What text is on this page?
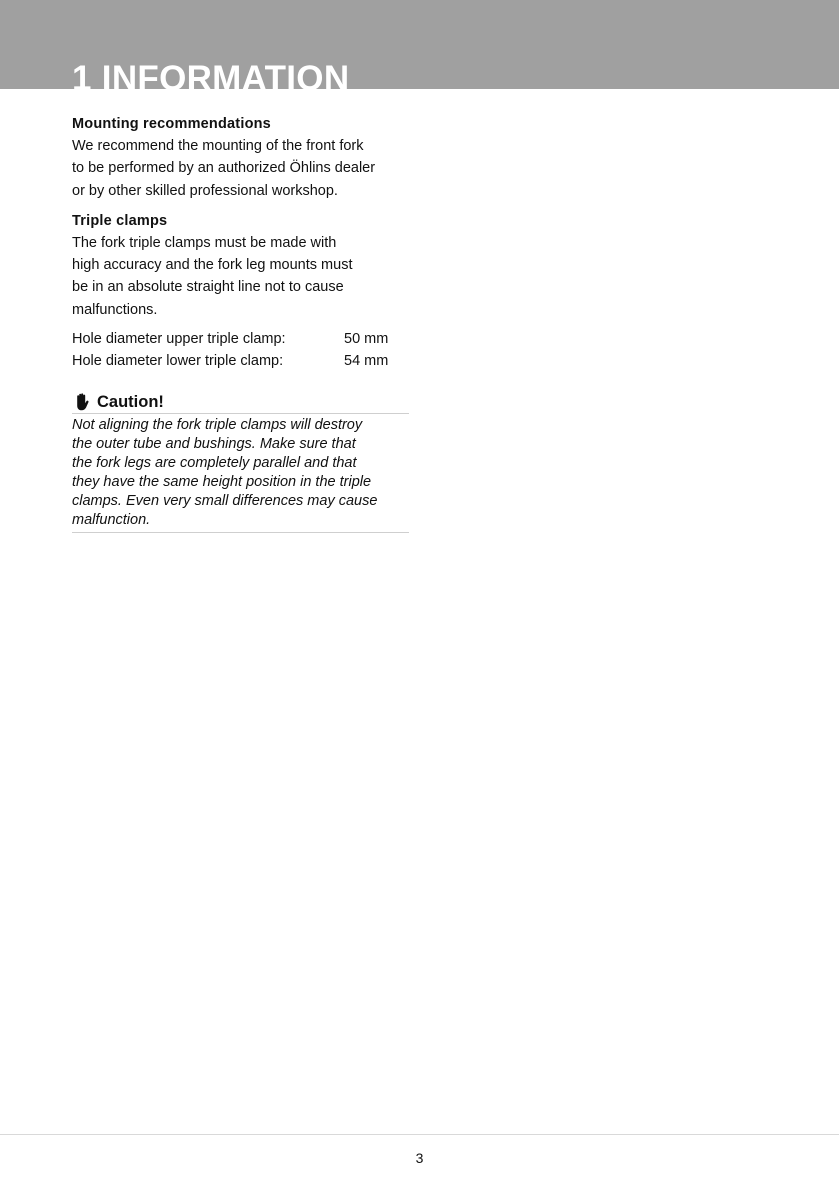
1 INFORMATION
Mounting recommendations

We recommend the mounting of the front fork
to be performed by an authorized Öhlins dealer
or by other skilled professional workshop.

Triple clamps

The fork triple clamps must be made with
high accuracy and the fork leg mounts must
be in an absolute straight line not to cause
malfunctions.

Hole diameter upper triple clamp:	50 mm
Hole diameter lower triple clamp:	54 mm
Caution!
Not aligning the fork triple clamps will destroy
the outer tube and bushings. Make sure that
the fork legs are completely parallel and that
they have the same height position in the triple
clamps. Even very small differences may cause
malfunction.
3
